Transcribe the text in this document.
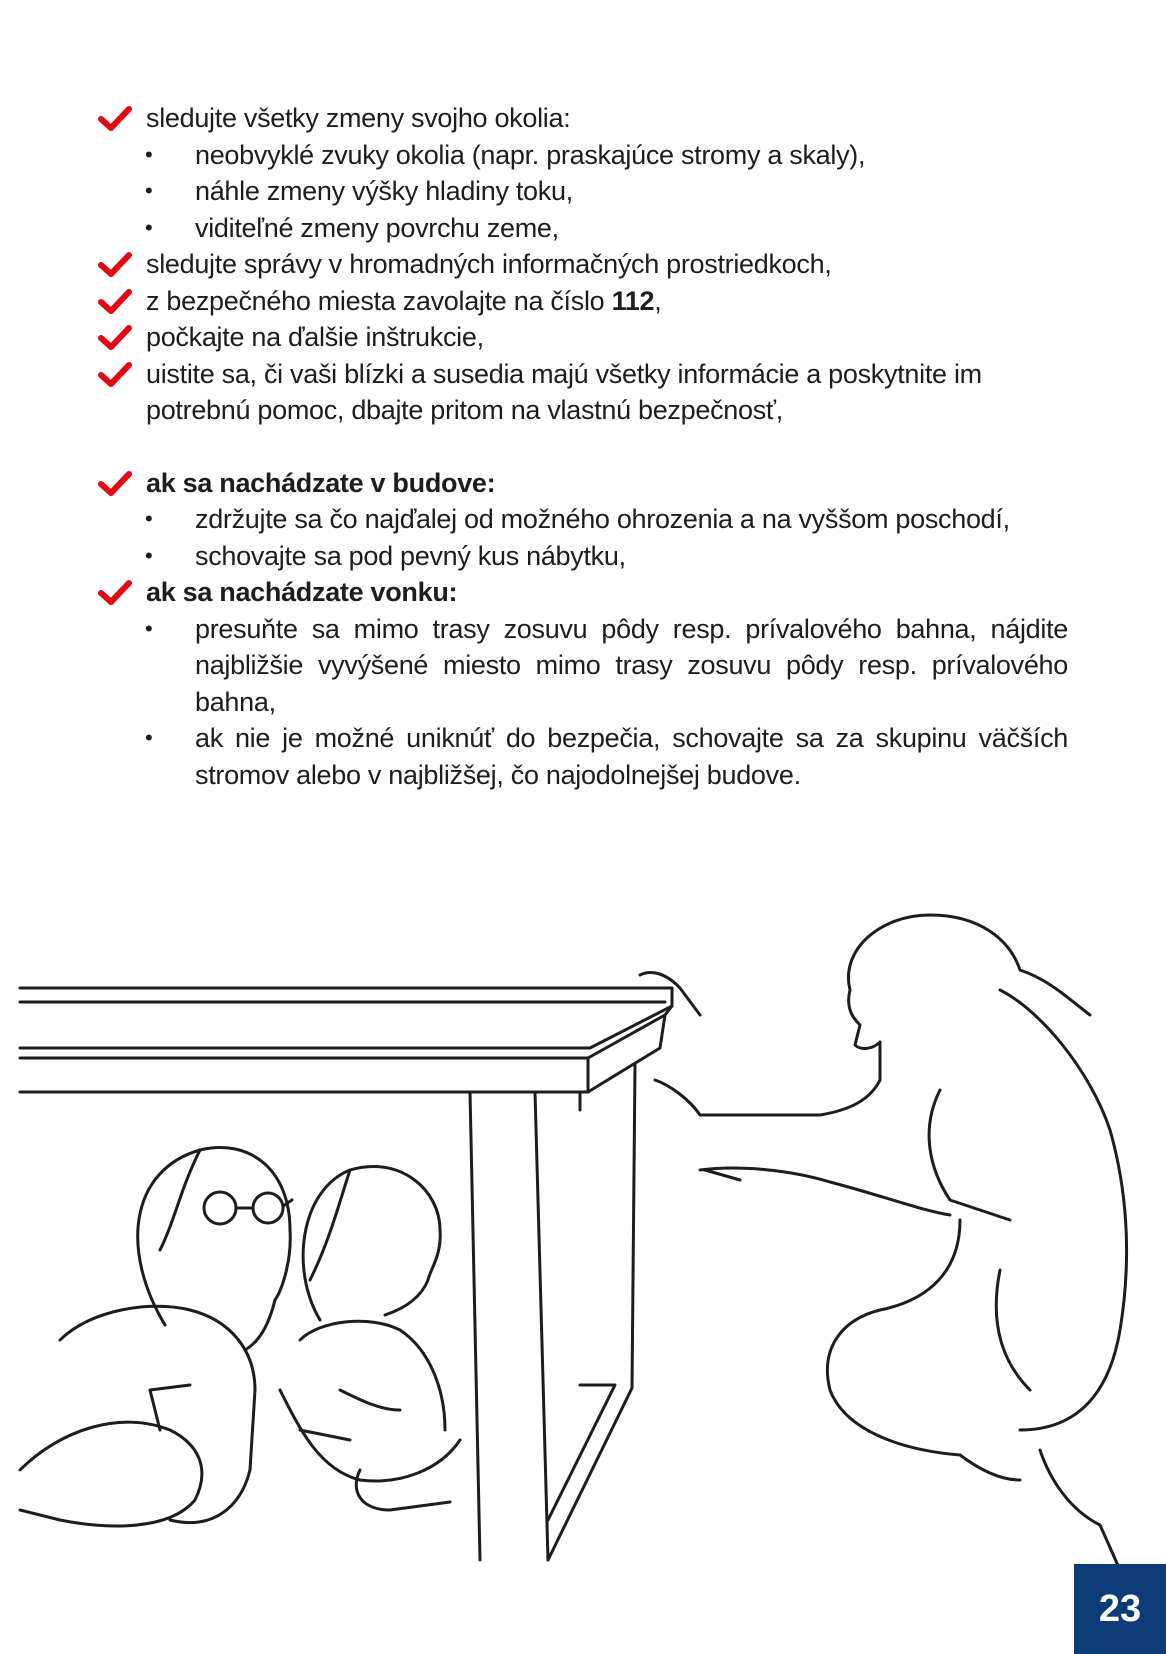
sledujte všetky zmeny svojho okolia:
• neobvyklé zvuky okolia (napr. praskajúce stromy a skaly),
• náhle zmeny výšky hladiny toku,
• viditeľné zmeny povrchu zeme,
sledujte správy v hromadných informačných prostriedkoch,
z bezpečného miesta zavolajte na číslo 112,
počkajte na ďalšie inštrukcie,
uistite sa, či vaši blízki a susedia majú všetky informácie a poskytnite im potrebnú pomoc, dbajte pritom na vlastnú bezpečnosť,
ak sa nachádzate v budove:
• zdržujte sa čo najďalej od možného ohrozenia a na vyššom poschodí,
• schovajte sa pod pevný kus nábytku,
ak sa nachádzate vonku:
• presuňte sa mimo trasy zosuvu pôdy resp. prívalového bahna, nájdite najbližšie vyvýšené miesto mimo trasy zosuvu pôdy resp. prívalového bahna,
• ak nie je možné uniknúť do bezpečia, schovajte sa za skupinu väčších stromov alebo v najbližšej, čo najodolnejšej budove.
23
